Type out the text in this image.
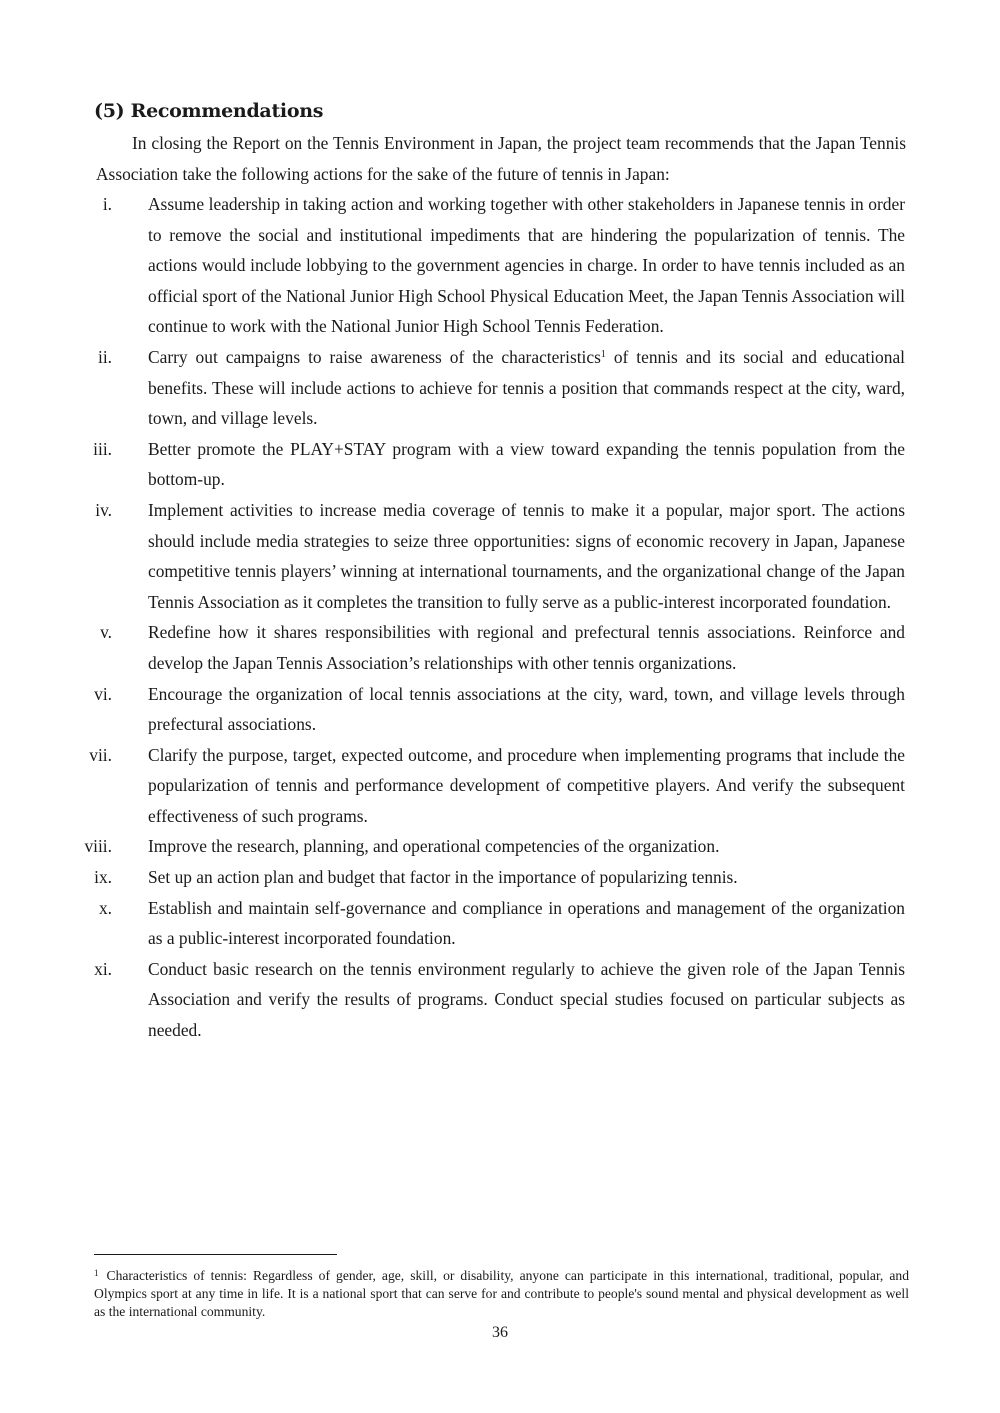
(5) Recommendations

In closing the Report on the Tennis Environment in Japan, the project team recommends that the Japan Tennis Association take the following actions for the sake of the future of tennis in Japan:

i. Assume leadership in taking action and working together with other stakeholders in Japanese tennis in order to remove the social and institutional impediments that are hindering the popularization of tennis. The actions would include lobbying to the government agencies in charge. In order to have tennis included as an official sport of the National Junior High School Physical Education Meet, the Japan Tennis Association will continue to work with the National Junior High School Tennis Federation.

ii. Carry out campaigns to raise awareness of the characteristics$^1$ of tennis and its social and educational benefits. These will include actions to achieve for tennis a position that commands respect at the city, ward, town, and village levels.

iii. Better promote the PLAY+STAY program with a view toward expanding the tennis population from the bottom-up.

iv. Implement activities to increase media coverage of tennis to make it a popular, major sport. The actions should include media strategies to seize three opportunities: signs of economic recovery in Japan, Japanese competitive tennis players’ winning at international tournaments, and the organizational change of the Japan Tennis Association as it completes the transition to fully serve as a public-interest incorporated foundation.

v. Redefine how it shares responsibilities with regional and prefectural tennis associations. Reinforce and develop the Japan Tennis Association’s relationships with other tennis organizations.

vi. Encourage the organization of local tennis associations at the city, ward, town, and village levels through prefectural associations.

vii. Clarify the purpose, target, expected outcome, and procedure when implementing programs that include the popularization of tennis and performance development of competitive players. And verify the subsequent effectiveness of such programs.

viii. Improve the research, planning, and operational competencies of the organization.

ix. Set up an action plan and budget that factor in the importance of popularizing tennis.

x. Establish and maintain self-governance and compliance in operations and management of the organization as a public-interest incorporated foundation.

xi. Conduct basic research on the tennis environment regularly to achieve the given role of the Japan Tennis Association and verify the results of programs. Conduct special studies focused on particular subjects as needed.

$^1$ Characteristics of tennis: Regardless of gender, age, skill, or disability, anyone can participate in this international, traditional, popular, and Olympics sport at any time in life. It is a national sport that can serve for and contribute to people's sound mental and physical development as well as the international community.

36
